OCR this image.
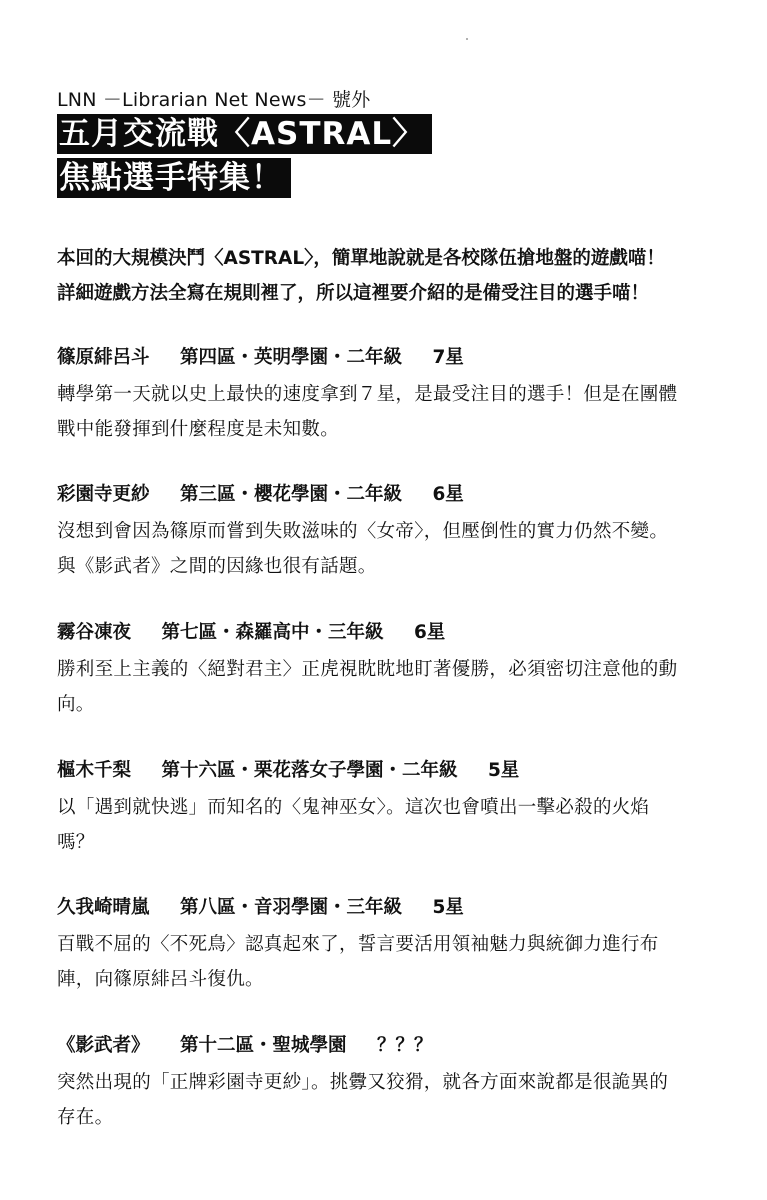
LNN －Librarian Net News－ 號外
五月交流戰〈ASTRAL〉
焦點選手特集！

本回的大規模決鬥〈ASTRAL〉，簡單地說就是各校隊伍搶地盤的遊戲喵！

詳細遊戲方法全寫在規則裡了，所以這裡要介紹的是備受注目的選手喵！

篠原緋呂斗 第四區・英明學園・二年級 7星

轉學第一天就以史上最快的速度拿到７星，是最受注目的選手！但是在團體

戰中能發揮到什麼程度是未知數。

彩園寺更紗 第三區・櫻花學園・二年級 6星

沒想到會因為篠原而嘗到失敗滋味的〈女帝〉，但壓倒性的實力仍然不變。

與《影武者》之間的因緣也很有話題。

霧谷凍夜 第七區・森羅高中・三年級 6星

勝利至上主義的〈絕對君主〉正虎視眈眈地盯著優勝，必須密切注意他的動

向。

樞木千梨 第十六區・栗花落女子學園・二年級 5星

以「遇到就快逃」而知名的〈鬼神巫女〉。這次也會噴出一擊必殺的火焰

嗎？

久我崎晴嵐 第八區・音羽學園・三年級 5星

百戰不屈的〈不死鳥〉認真起來了，誓言要活用領袖魅力與統御力進行布

陣，向篠原緋呂斗復仇。

《影武者》 第十二區・聖城學園 ？？？

突然出現的「正牌彩園寺更紗」。挑釁又狡猾，就各方面來說都是很詭異的

存在。
